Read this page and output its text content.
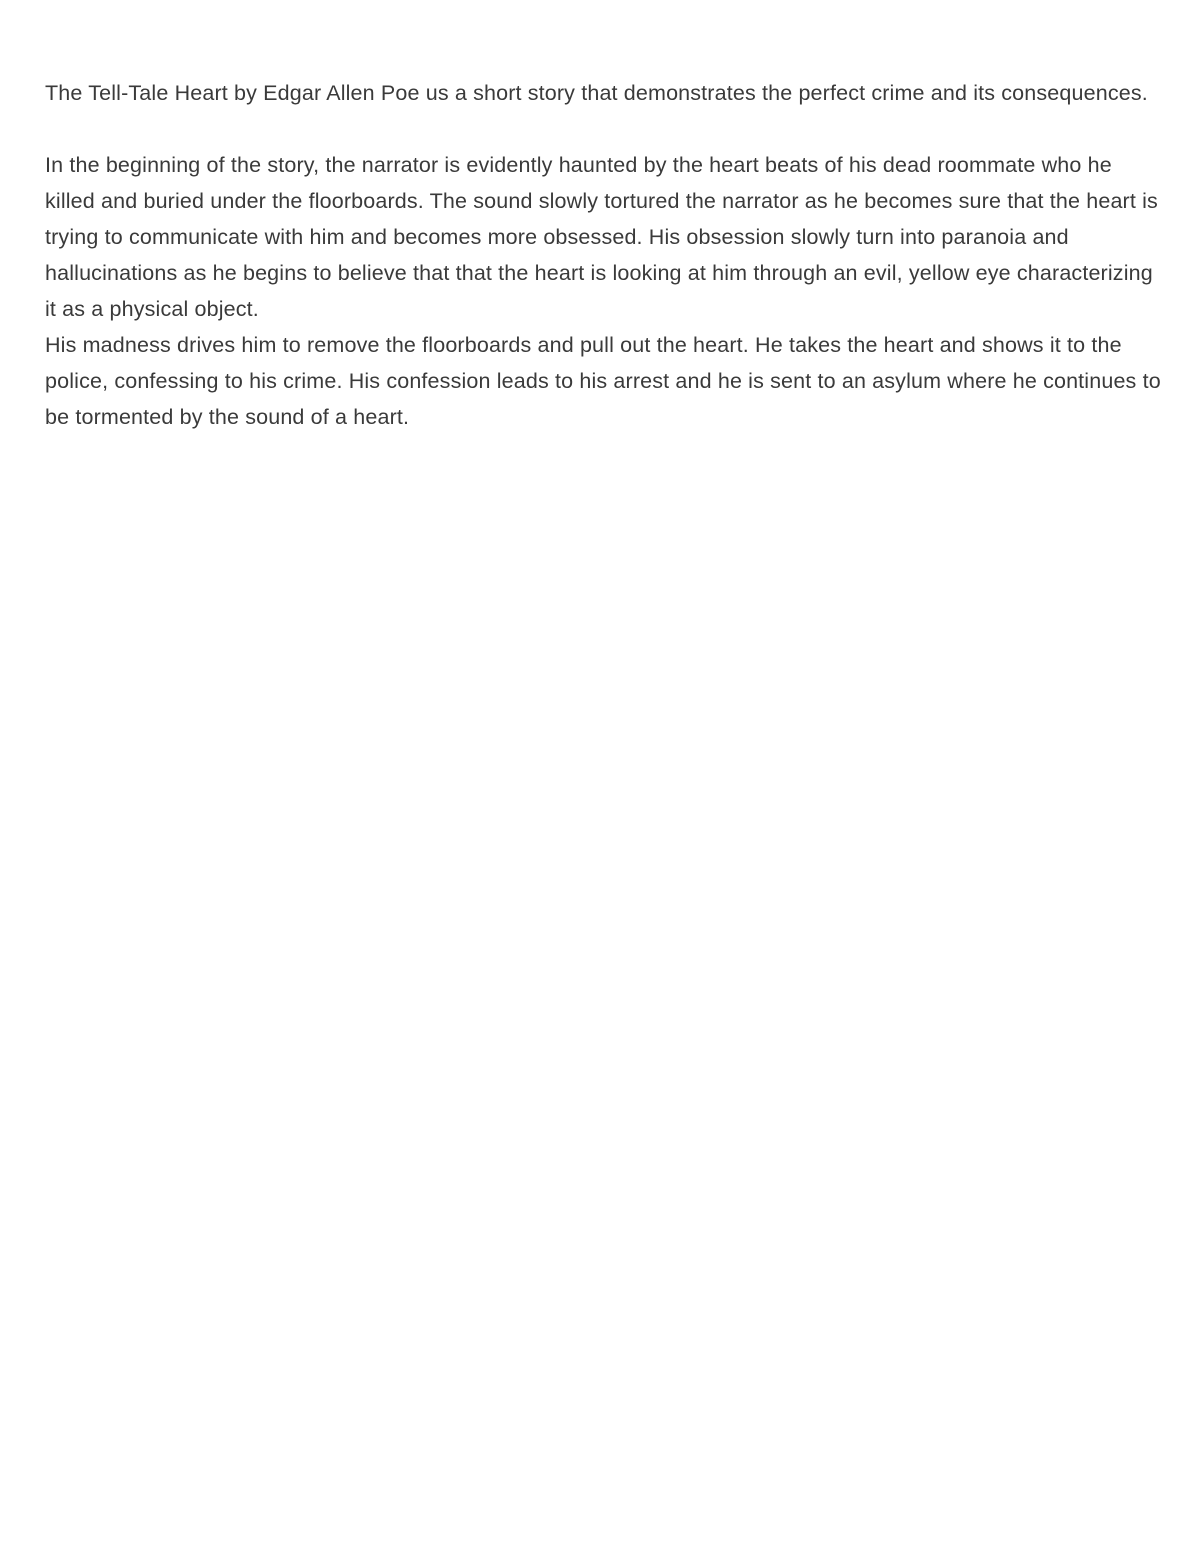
The Tell-Tale Heart by Edgar Allen Poe us a short story that demonstrates the perfect crime and its consequences.

In the beginning of the story, the narrator is evidently haunted by the heart beats of his dead roommate who he killed and buried under the floorboards. The sound slowly tortured the narrator as he becomes sure that the heart is trying to communicate with him and becomes more obsessed. His obsession slowly turn into paranoia and hallucinations as he begins to believe that that the heart is looking at him through an evil, yellow eye characterizing it as a physical object.

His madness drives him to remove the floorboards and pull out the heart. He takes the heart and shows it to the police, confessing to his crime. His confession leads to his arrest and he is sent to an asylum where he continues to be tormented by the sound of a heart.
